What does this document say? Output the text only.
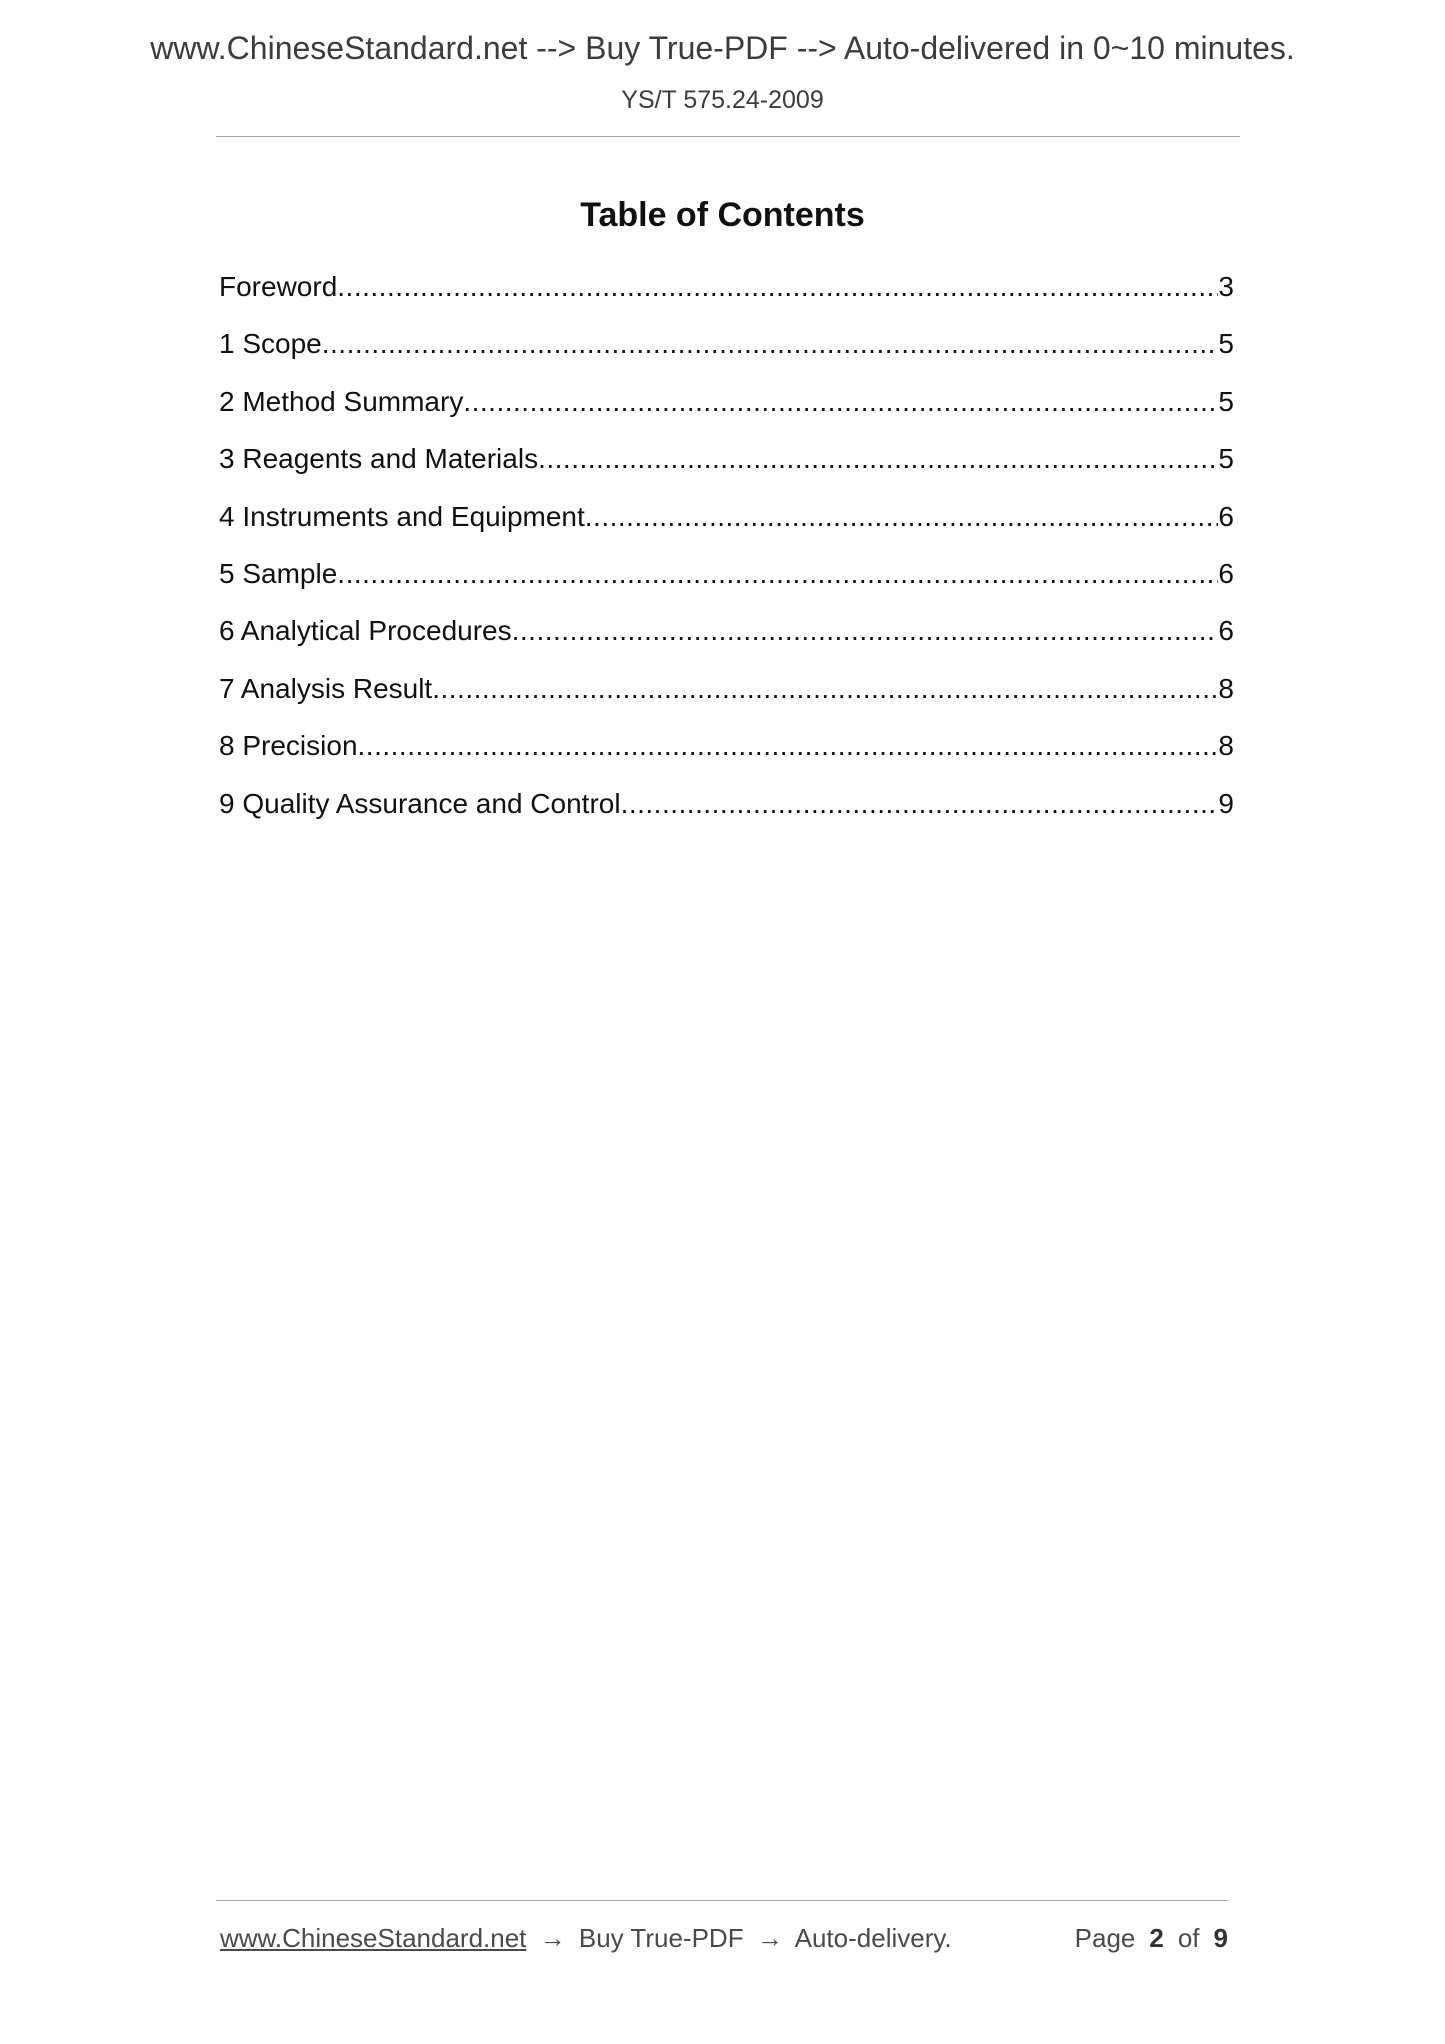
www.ChineseStandard.net --> Buy True-PDF --> Auto-delivered in 0~10 minutes.
YS/T 575.24-2009
Table of Contents
Foreword .....	3
1 Scope .....	5
2 Method Summary .....	5
3 Reagents and Materials .....	5
4 Instruments and Equipment .....	6
5 Sample .....	6
6 Analytical Procedures .....	6
7 Analysis Result .....	8
8 Precision .....	8
9 Quality Assurance and Control .....	9
www.ChineseStandard.net → Buy True-PDF → Auto-delivery.	Page 2 of 9
